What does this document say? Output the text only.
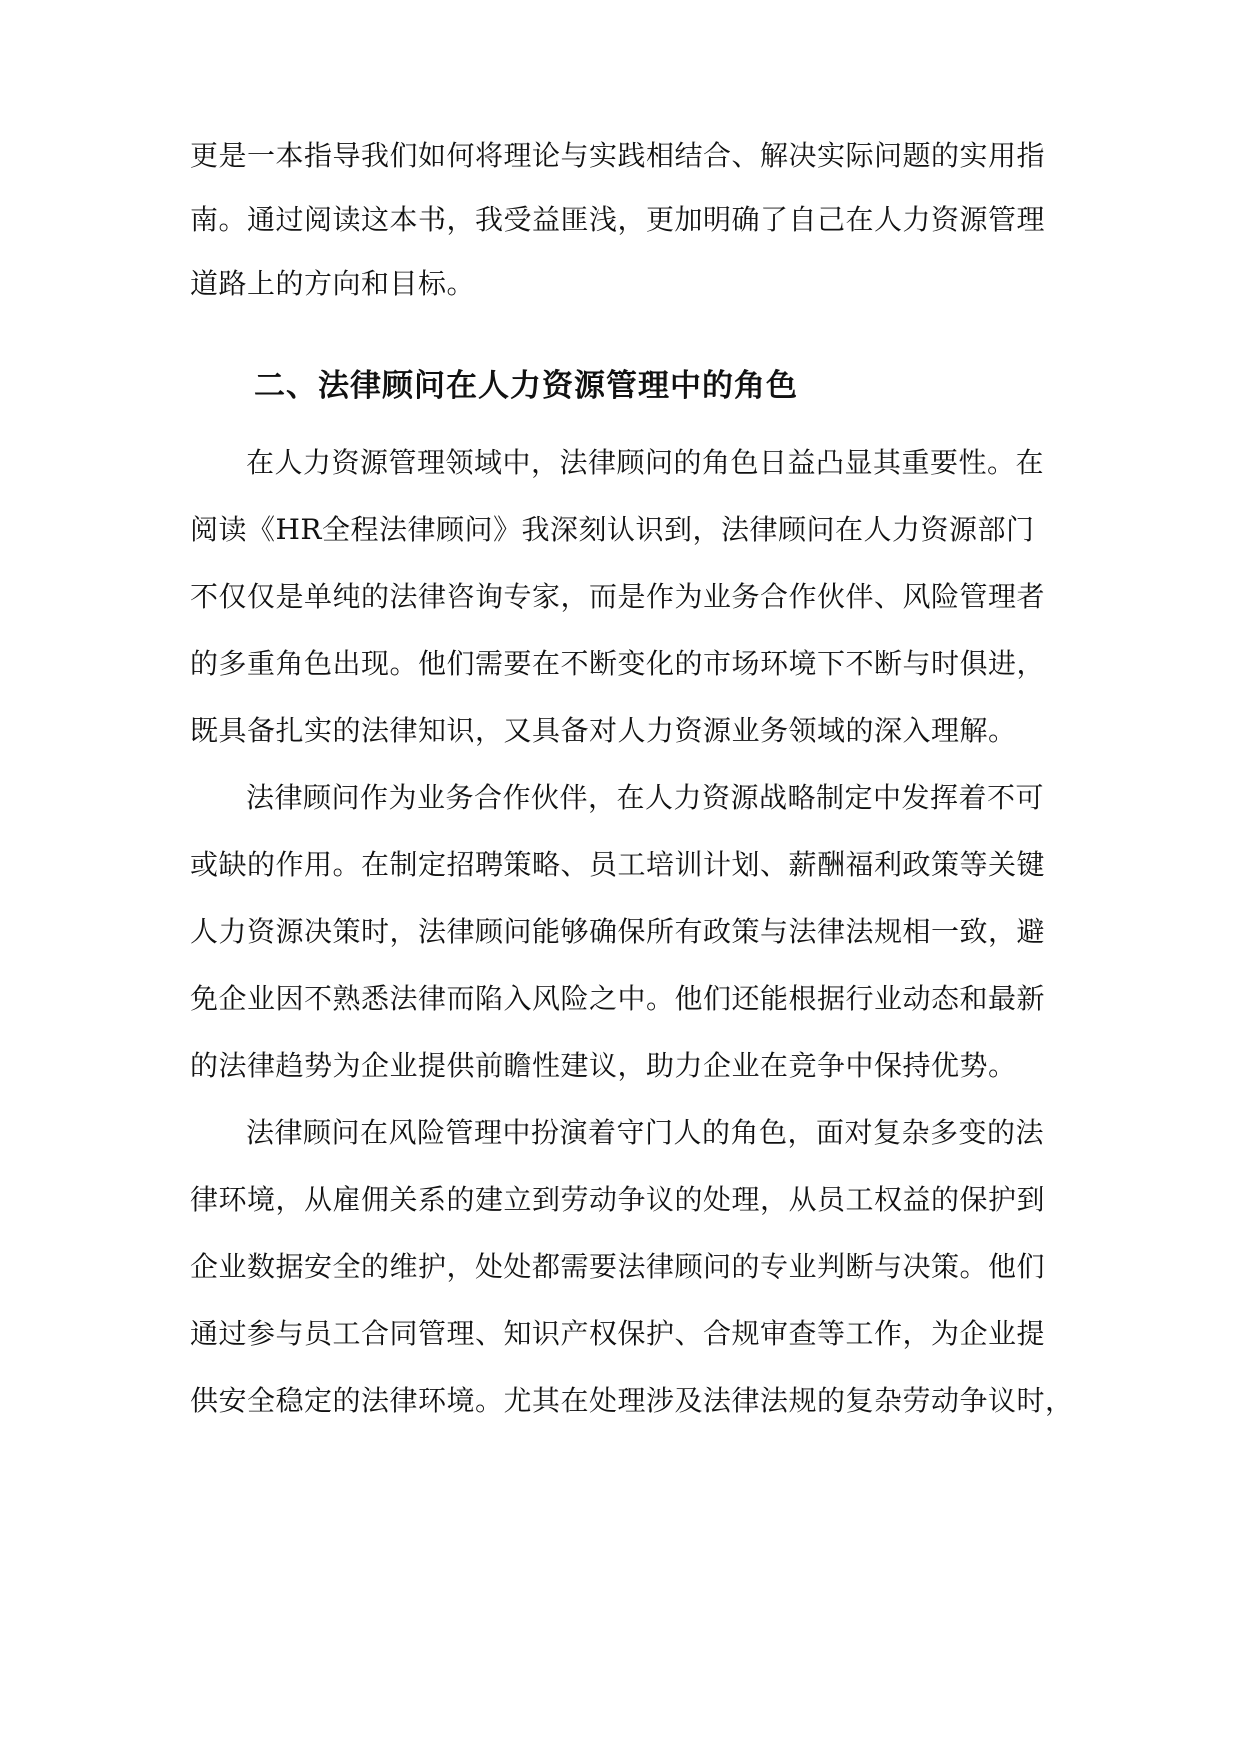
更是一本指导我们如何将理论与实践相结合、解决实际问题的实用指
南。通过阅读这本书，我受益匪浅，更加明确了自己在人力资源管理
道路上的方向和目标。
二、法律顾问在人力资源管理中的角色
在人力资源管理领域中，法律顾问的角色日益凸显其重要性。在
阅读《HR全程法律顾问》我深刻认识到，法律顾问在人力资源部门
不仅仅是单纯的法律咨询专家，而是作为业务合作伙伴、风险管理者
的多重角色出现。他们需要在不断变化的市场环境下不断与时俱进，
既具备扎实的法律知识，又具备对人力资源业务领域的深入理解。
法律顾问作为业务合作伙伴，在人力资源战略制定中发挥着不可
或缺的作用。在制定招聘策略、员工培训计划、薪酬福利政策等关键
人力资源决策时，法律顾问能够确保所有政策与法律法规相一致，避
免企业因不熟悉法律而陷入风险之中。他们还能根据行业动态和最新
的法律趋势为企业提供前瞻性建议，助力企业在竞争中保持优势。
法律顾问在风险管理中扮演着守门人的角色，面对复杂多变的法
律环境，从雇佣关系的建立到劳动争议的处理，从员工权益的保护到
企业数据安全的维护，处处都需要法律顾问的专业判断与决策。他们
通过参与员工合同管理、知识产权保护、合规审查等工作，为企业提
供安全稳定的法律环境。尤其在处理涉及法律法规的复杂劳动争议时，
